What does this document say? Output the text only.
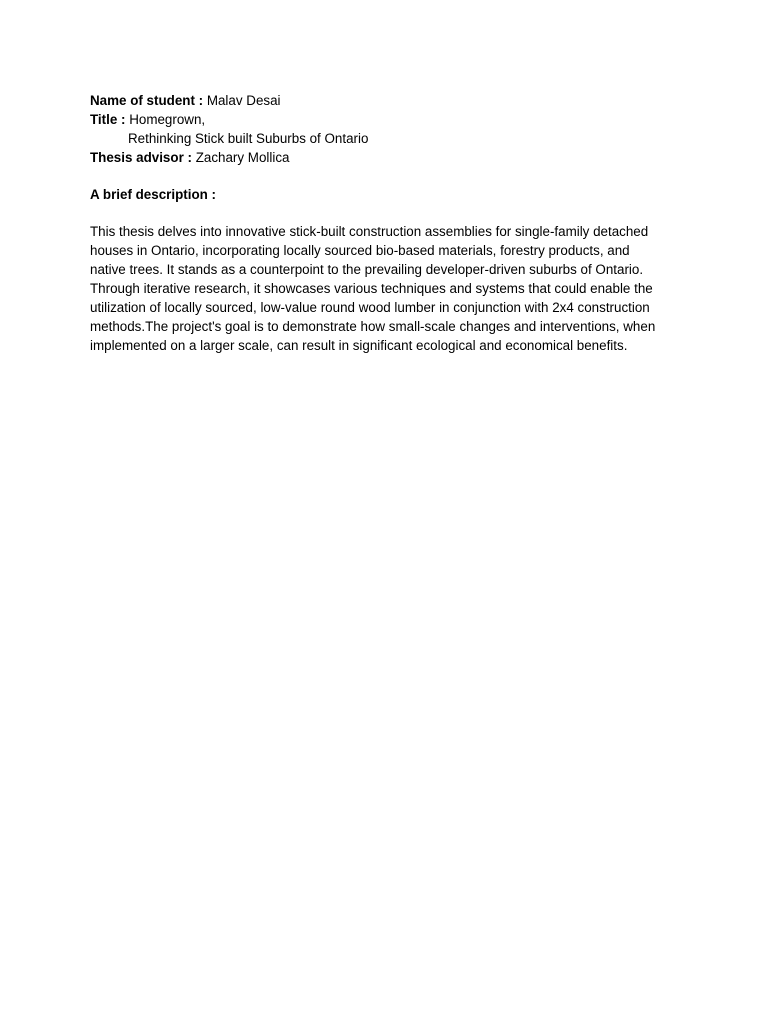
Name of student : Malav Desai

Title : Homegrown,

Rethinking Stick built Suburbs of Ontario

Thesis advisor : Zachary Mollica

A brief description :

This thesis delves into innovative stick-built construction assemblies for single-family detached
houses in Ontario, incorporating locally sourced bio-based materials, forestry products, and
native trees. It stands as a counterpoint to the prevailing developer-driven suburbs of Ontario.
Through iterative research, it showcases various techniques and systems that could enable the
utilization of locally sourced, low-value round wood lumber in conjunction with 2x4 construction
methods.The project's goal is to demonstrate how small-scale changes and interventions, when
implemented on a larger scale, can result in significant ecological and economical benefits.
